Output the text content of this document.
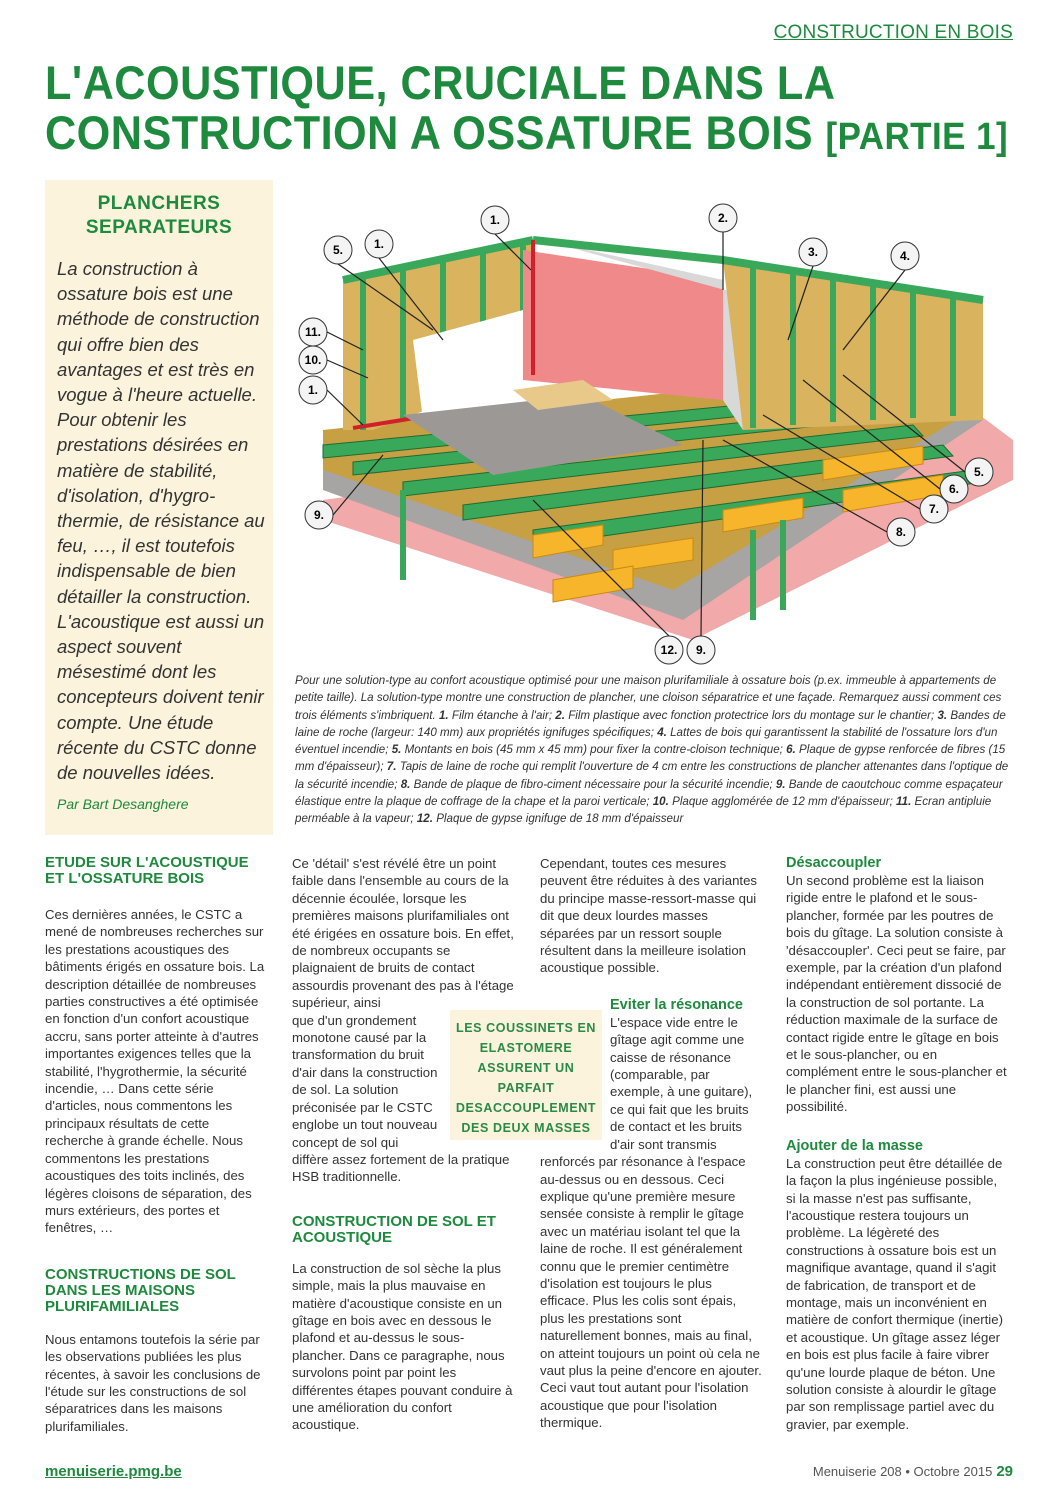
CONSTRUCTION EN BOIS
L'ACOUSTIQUE, CRUCIALE DANS LA
CONSTRUCTION A OSSATURE BOIS [PARTIE 1]
PLANCHERS
SEPARATEURS
La construction à ossature bois est une méthode de construction qui offre bien des avantages et est très en vogue à l'heure actuelle. Pour obtenir les prestations désirées en matière de stabilité, d'isolation, d'hygro-thermie, de résistance au feu, …, il est toutefois indispensable de bien détailler la construction. L'acoustique est aussi un aspect souvent mésestimé dont les concepteurs doivent tenir compte. Une étude récente du CSTC donne de nouvelles idées.
Par Bart Desanghere
1.	2.
3.	4.
5.	1.
11.
10.
1.
9.
5.
6.
7.
8.
12. 9.
Pour une solution-type au confort acoustique optimisé pour une maison plurifamiliale à ossature bois (p.ex. immeuble à appartements de petite taille). La solution-type montre une construction de plancher, une cloison séparatrice et une façade. Remarquez aussi comment ces trois éléments s'imbriquent. 1. Film étanche à l'air; 2. Film plastique avec fonction protectrice lors du montage sur le chantier; 3. Bandes de laine de roche (largeur: 140 mm) aux propriétés ignifuges spécifiques; 4. Lattes de bois qui garantissent la stabilité de l'ossature lors d'un éventuel incendie; 5. Montants en bois (45 mm x 45 mm) pour fixer la contre-cloison technique; 6. Plaque de gypse renforcée de fibres (15 mm d'épaisseur); 7. Tapis de laine de roche qui remplit l'ouverture de 4 cm entre les constructions de plancher attenantes dans l'optique de la sécurité incendie; 8. Bande de plaque de fibro-ciment nécessaire pour la sécurité incendie; 9. Bande de caoutchouc comme espaçateur élastique entre la plaque de coffrage de la chape et la paroi verticale; 10. Plaque agglomérée de 12 mm d'épaisseur; 11. Ecran antipluie perméable à la vapeur; 12. Plaque de gypse ignifuge de 18 mm d'épaisseur
ETUDE SUR L'ACOUSTIQUE ET L'OSSATURE BOIS

Ces dernières années, le CSTC a mené de nombreuses recherches sur les prestations acoustiques des bâtiments érigés en ossature bois. La description détaillée de nombreuses parties constructives a été optimisée en fonction d'un confort acoustique accru, sans porter atteinte à d'autres importantes exigences telles que la stabilité, l'hygrothermie, la sécurité incendie, … Dans cette série d'articles, nous commentons les principaux résultats de cette recherche à grande échelle. Nous commentons les prestations acoustiques des toits inclinés, des légères cloisons de séparation, des murs extérieurs, des portes et fenêtres, …

CONSTRUCTIONS DE SOL DANS LES MAISONS PLURIFAMILIALES

Nous entamons toutefois la série par les observations publiées les plus récentes, à savoir les conclusions de l'étude sur les constructions de sol séparatrices dans les maisons plurifamiliales.

Ce 'détail' s'est révélé être un point faible dans l'ensemble au cours de la décennie écoulée, lorsque les premières maisons plurifamiliales ont été érigées en ossature bois. En effet, de nombreux occupants se plaignaient de bruits de contact assourdis provenant des pas à l'étage supérieur, ainsi

que d'un grondement monotone causé par la transformation du bruit d'air dans la construction de sol. La solution préconisée par le CSTC englobe un tout nouveau concept de sol qui

diffère assez fortement de la pratique HSB traditionnelle.

CONSTRUCTION DE SOL ET ACOUSTIQUE

La construction de sol sèche la plus simple, mais la plus mauvaise en matière d'acoustique consiste en un gîtage en bois avec en dessous le plafond et au-dessus le sous-plancher. Dans ce paragraphe, nous survolons point par point les différentes étapes pouvant conduire à une amélioration du confort acoustique.

Cependant, toutes ces mesures peuvent être réduites à des variantes du principe masse-ressort-masse qui dit que deux lourdes masses séparées par un ressort souple résultent dans la meilleure isolation acoustique possible.

Eviter la résonance

L'espace vide entre le gîtage agit comme une caisse de résonance (comparable, par exemple, à une guitare), ce qui fait que les bruits de contact et les bruits d'air sont transmis

renforcés par résonance à l'espace au-dessus ou en dessous. Ceci explique qu'une première mesure sensée consiste à remplir le gîtage avec un matériau isolant tel que la laine de roche. Il est généralement connu que le premier centimètre d'isolation est toujours le plus efficace. Plus les colis sont épais, plus les prestations sont naturellement bonnes, mais au final, on atteint toujours un point où cela ne vaut plus la peine d'encore en ajouter. Ceci vaut tout autant pour l'isolation acoustique que pour l'isolation thermique.

Désaccoupler

Un second problème est la liaison rigide entre le plafond et le sous-plancher, formée par les poutres de bois du gîtage. La solution consiste à 'désaccoupler'. Ceci peut se faire, par exemple, par la création d'un plafond indépendant entièrement dissocié de la construction de sol portante. La réduction maximale de la surface de contact rigide entre le gîtage en bois et le sous-plancher, ou en complément entre le sous-plancher et le plancher fini, est aussi une possibilité.

Ajouter de la masse

La construction peut être détaillée de la façon la plus ingénieuse possible, si la masse n'est pas suffisante, l'acoustique restera toujours un problème. La légèreté des constructions à ossature bois est un magnifique avantage, quand il s'agit de fabrication, de transport et de montage, mais un inconvénient en matière de confort thermique (inertie) et acoustique. Un gîtage assez léger en bois est plus facile à faire vibrer qu'une lourde plaque de béton. Une solution consiste à alourdir le gîtage par son remplissage partiel avec du gravier, par exemple.

LES COUSSINETS EN ELASTOMERE ASSURENT UN PARFAIT DESACCOUPLEMENT DES DEUX MASSES
menuiserie.pmg.be	Menuiserie 208 • Octobre 2015 29
